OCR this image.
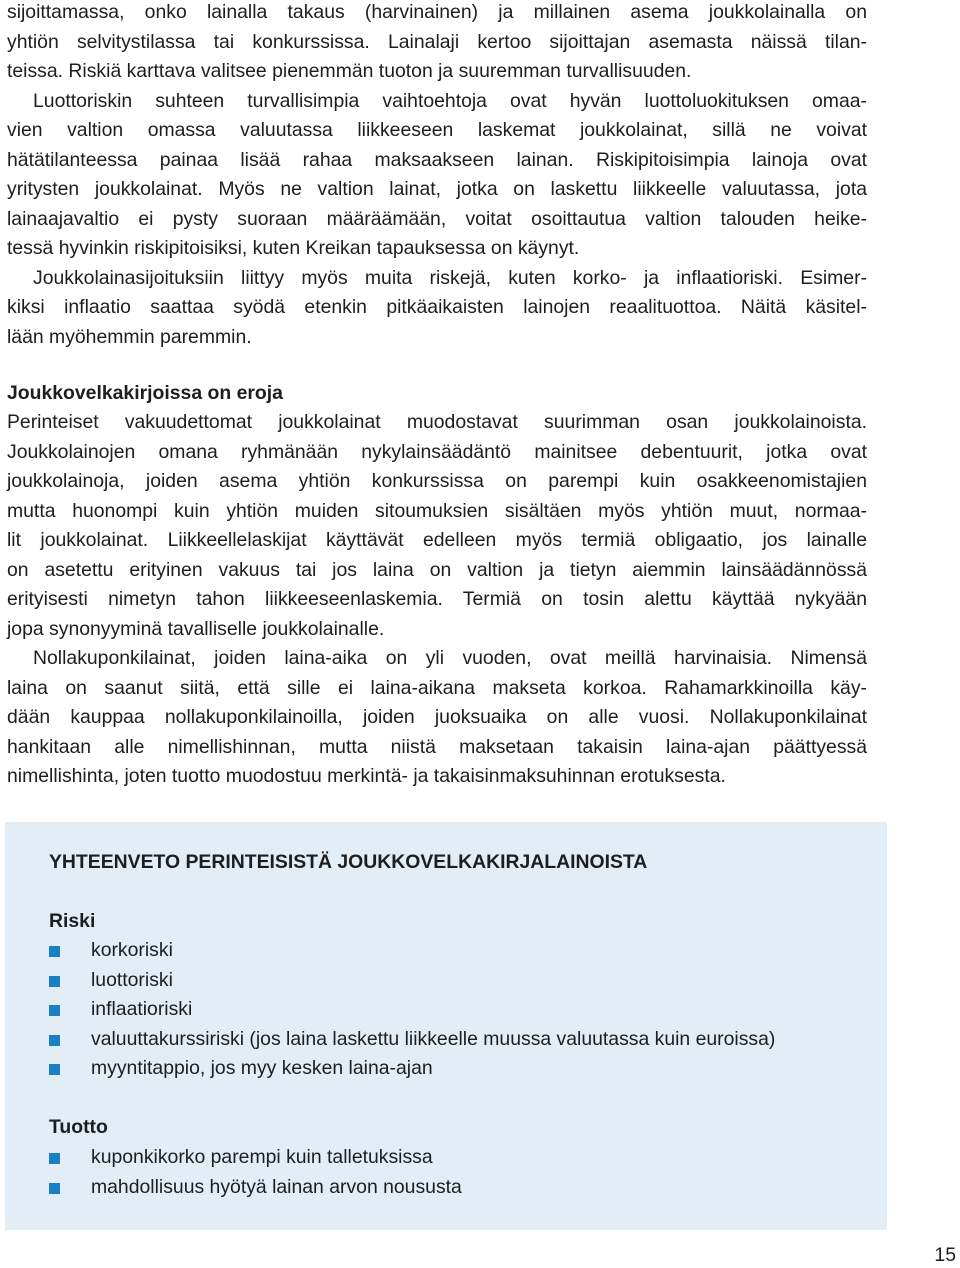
sijoittamassa, onko lainalla takaus (harvinainen) ja millainen asema joukkolainalla on
yhtiön selvitystilassa tai konkurssissa. Lainalaji kertoo sijoittajan asemasta näissä tilan-
teissa. Riskiä karttava valitsee pienemmän tuoton ja suuremman turvallisuuden.
Luottoriskin suhteen turvallisimpia vaihtoehtoja ovat hyvän luottoluokituksen omaa-
vien valtion omassa valuutassa liikkeeseen laskemat joukkolainat, sillä ne voivat
hätätilanteessa painaa lisää rahaa maksaakseen lainan. Riskipitoisimpia lainoja ovat
yritysten joukkolainat. Myös ne valtion lainat, jotka on laskettu liikkeelle valuutassa, jota
lainaajavaltio ei pysty suoraan määräämään, voitat osoittautua valtion talouden heike-
tessä hyvinkin riskipitoisiksi, kuten Kreikan tapauksessa on käynyt.
Joukkolainasijoituksiin liittyy myös muita riskejä, kuten korko- ja inflaatioriski. Esimer-
kiksi inflaatio saattaa syödä etenkin pitkäaikaisten lainojen reaalituottoa. Näitä käsitel-
lään myöhemmin paremmin.
Joukkovelkakirjoissa on eroja
Perinteiset vakuudettomat joukkolainat muodostavat suurimman osan joukkolainoista.
Joukkolainojen omana ryhmänään nykylainsäädäntö mainitsee debentuurit, jotka ovat
joukkolainoja, joiden asema yhtiön konkurssissa on parempi kuin osakkeenomistajien
mutta huonompi kuin yhtiön muiden sitoumuksien sisältäen myös yhtiön muut, normaa-
lit joukkolainat. Liikkeellelaskijat käyttävät edelleen myös termiä obligaatio, jos lainalle
on asetettu erityinen vakuus tai jos laina on valtion ja tietyn aiemmin lainsäädännössä
erityisesti nimetyn tahon liikkeeseenlaskemia. Termiä on tosin alettu käyttää nykyään
jopa synonyyminä tavalliselle joukkolainalle.
Nollakuponkilainat, joiden laina-aika on yli vuoden, ovat meillä harvinaisia. Nimensä
laina on saanut siitä, että sille ei laina-aikana makseta korkoa. Rahamarkkinoilla käy-
dään kauppaa nollakuponkilainoilla, joiden juoksuaika on alle vuosi. Nollakuponkilainat
hankitaan alle nimellishinnan, mutta niistä maksetaan takaisin laina-ajan päättyessä
nimellishinta, joten tuotto muodostuu merkintä- ja takaisinmaksuhinnan erotuksesta.
YHTEENVETO PERINTEISISTÄ JOUKKOVELKAKIRJALAINOISTA
Riski
korkoriski
luottoriski
inflaatioriski
valuuttakurssiriski (jos laina laskettu liikkeelle muussa valuutassa kuin euroissa)
myyntitappio, jos myy kesken laina-ajan
Tuotto
kuponkikorko parempi kuin talletuksissa
mahdollisuus hyötyä lainan arvon noususta
15
